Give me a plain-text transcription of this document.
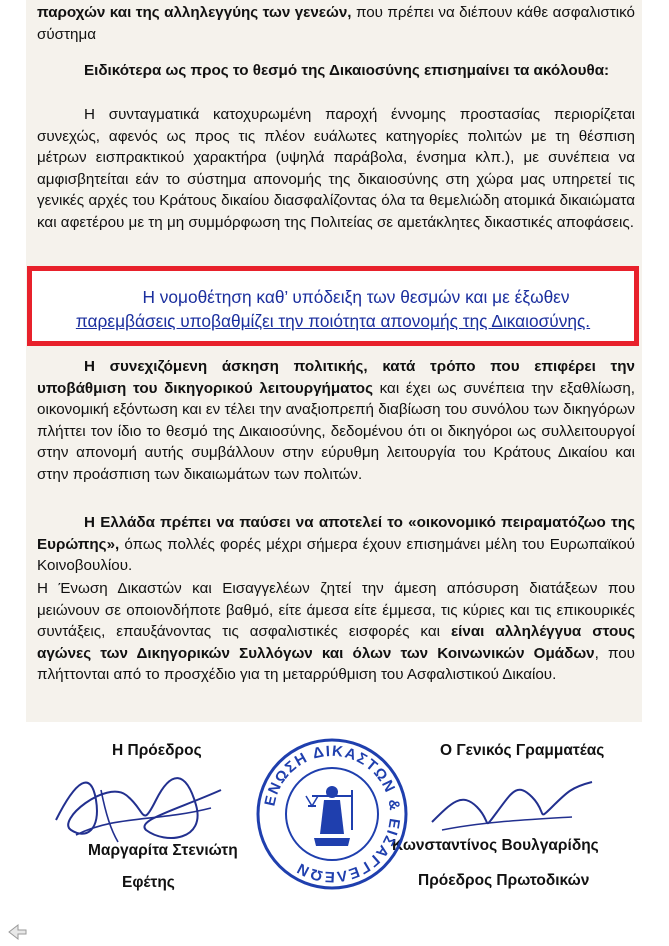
παροχών και της αλληλεγγύης των γενεών, που πρέπει να διέπουν κάθε ασφαλιστικό σύστημα

Ειδικότερα ως προς το θεσμό της Δικαιοσύνης επισημαίνει τα ακόλουθα:

Η συνταγματικά κατοχυρωμένη παροχή έννομης προστασίας περιορίζεται συνεχώς, αφενός ως προς τις πλέον ευάλωτες κατηγορίες πολιτών με τη θέσπιση μέτρων εισπρακτικού χαρακτήρα (υψηλά παράβολα, ένσημα κλπ.), με συνέπεια να αμφισβητείται εάν το σύστημα απονομής της δικαιοσύνης στη χώρα μας υπηρετεί τις γενικές αρχές του Κράτους δικαίου διασφαλίζοντας όλα τα θεμελιώδη ατομικά δικαιώματα και αφετέρου με τη μη συμμόρφωση της Πολιτείας σε αμετάκλητες δικαστικές αποφάσεις.

Η νομοθέτηση καθ’ υπόδειξη των θεσμών και με έξωθεν
παρεμβάσεις υποβαθμίζει την ποιότητα απονομής της Δικαιοσύνης.

Η συνεχιζόμενη άσκηση πολιτικής, κατά τρόπο που επιφέρει την υποβάθμιση του δικηγορικού λειτουργήματος και έχει ως συνέπεια την εξαθλίωση, οικονομική εξόντωση και εν τέλει την αναξιοπρεπή διαβίωση του συνόλου των δικηγόρων πλήττει τον ίδιο το θεσμό της Δικαιοσύνης, δεδομένου ότι οι δικηγόροι ως συλλειτουργοί στην απονομή αυτής συμβάλλουν στην εύρυθμη λειτουργία του Κράτους Δικαίου και στην προάσπιση των δικαιωμάτων των πολιτών.

Η Ελλάδα πρέπει να παύσει να αποτελεί το «οικονομικό πειραματόζωο της Ευρώπης», όπως πολλές φορές μέχρι σήμερα έχουν επισημάνει μέλη του Ευρωπαϊκού Κοινοβουλίου.

Η Ένωση Δικαστών και Εισαγγελέων ζητεί την άμεση απόσυρση διατάξεων που μειώνουν σε οποιονδήποτε βαθμό, είτε άμεσα είτε έμμεσα, τις κύριες και τις επικουρικές συντάξεις, επαυξάνοντας τις ασφαλιστικές εισφορές και είναι αλληλέγγυα στους αγώνες των Δικηγορικών Συλλόγων και όλων των Κοινωνικών Ομάδων, που πλήττονται από το προσχέδιο για τη μεταρρύθμιση του Ασφαλιστικού Δικαίου.

Η Πρόεδρος
Μαργαρίτα Στενιώτη
Εφέτης
Ο Γενικός Γραμματέας
Κωνσταντίνος Βουλγαρίδης
Πρόεδρος Πρωτοδικών
ΕΝΩΣΗ ΔΙΚΑΣΤΩΝ & ΕΙΣΑΓΓΕΛΕΩΝ
